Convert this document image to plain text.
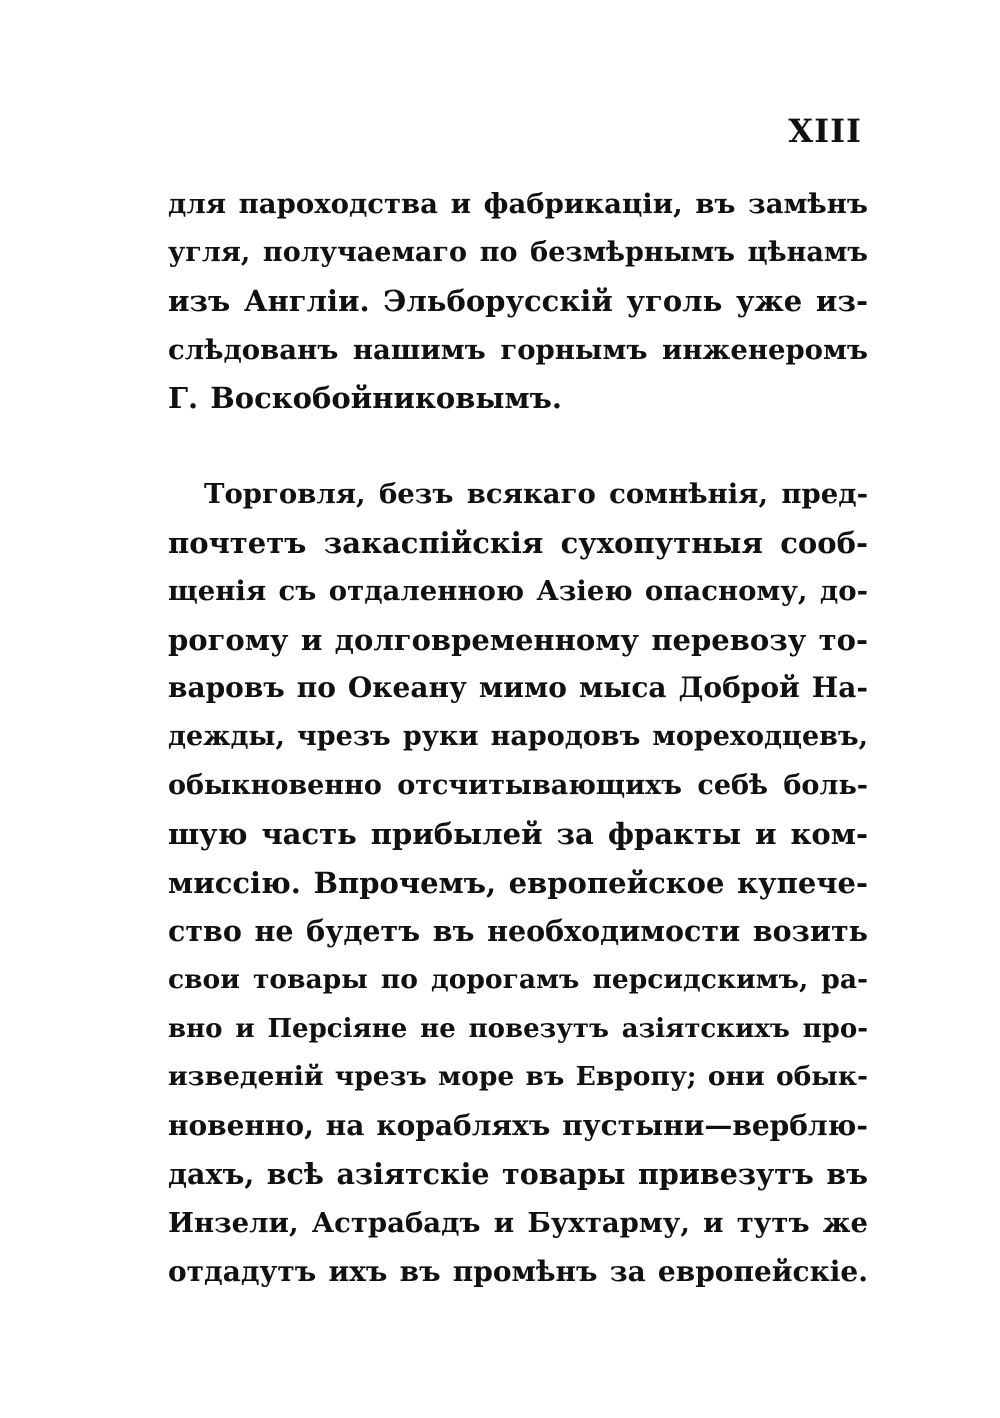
XIII
для пароходства и фабрикацiи, въ замѣнъ
угля, получаемаго по безмѣрнымъ цѣнамъ
изъ Англiи. Эльборусскiй уголь уже из-
слѣдованъ нашимъ горнымъ инженеромъ
Г. Воскобойниковымъ.
Торговля, безъ всякаго сомнѣнiя, пред-
почтетъ закаспiйскiя сухопутныя сооб-
щенiя съ отдаленною Азiею опасному, до-
рогому и долговременному перевозу то-
варовъ по Океану мимо мыса Доброй На-
дежды, чрезъ руки народовъ мореходцевъ,
обыкновенно отсчитывающихъ себѣ боль-
шую часть прибылей за фракты и ком-
миссiю. Впрочемъ, европейское купече-
ство не будетъ въ необходимости возить
свои товары по дорогамъ персидскимъ, ра-
вно и Персiяне не повезутъ азiятскихъ про-
изведенiй чрезъ море въ Европу; они обык-
новенно, на корабляхъ пустыни—верблю-
дахъ, всѣ азiятскiе товары привезутъ въ
Инзели, Астрабадъ и Бухтарму, и тутъ же
отдадутъ ихъ въ промѣнъ за европейскiе.
